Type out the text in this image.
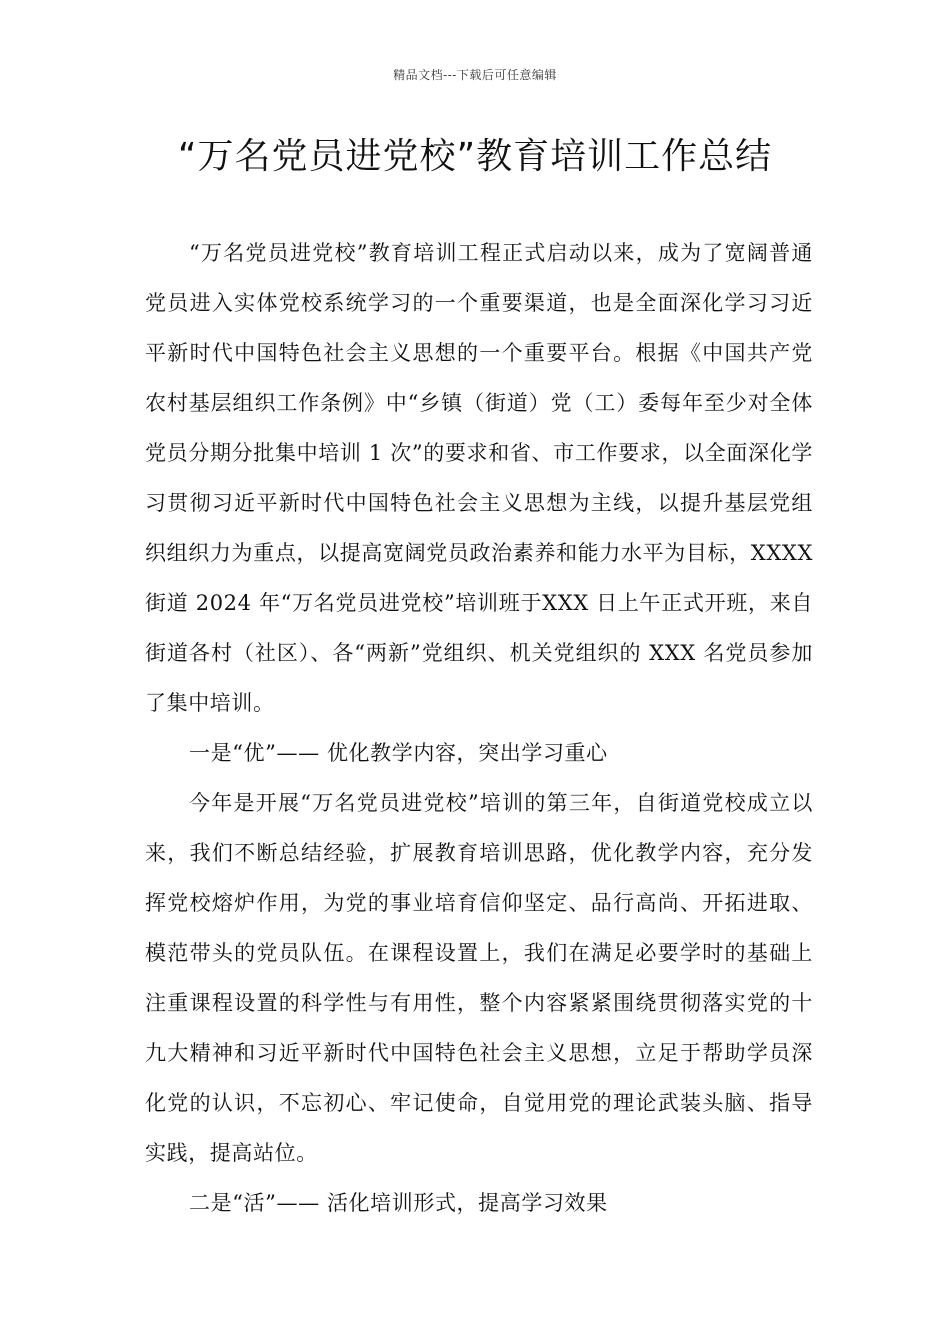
精品文档---下载后可任意编辑
“万名党员进党校”教育培训工作总结

“万名党员进党校”教育培训工程正式启动以来，成为了宽阔普通党员进入实体党校系统学习的一个重要渠道，也是全面深化学习习近平新时代中国特色社会主义思想的一个重要平台。根据《中国共产党农村基层组织工作条例》中“乡镇（街道）党（工）委每年至少对全体党员分期分批集中培训 1 次”的要求和省、市工作要求，以全面深化学习贯彻习近平新时代中国特色社会主义思想为主线，以提升基层党组织组织力为重点，以提高宽阔党员政治素养和能力水平为目标，XXXX 街道 2024 年“万名党员进党校”培训班于XXX 日上午正式开班，来自街道各村（社区）、各“两新”党组织、机关党组织的 XXX 名党员参加了集中培训。

一是“优”—— 优化教学内容，突出学习重心

今年是开展“万名党员进党校”培训的第三年，自街道党校成立以来，我们不断总结经验，扩展教育培训思路，优化教学内容，充分发挥党校熔炉作用，为党的事业培育信仰坚定、品行高尚、开拓进取、模范带头的党员队伍。在课程设置上，我们在满足必要学时的基础上注重课程设置的科学性与有用性，整个内容紧紧围绕贯彻落实党的十九大精神和习近平新时代中国特色社会主义思想，立足于帮助学员深化党的认识，不忘初心、牢记使命，自觉用党的理论武装头脑、指导实践，提高站位。

二是“活”—— 活化培训形式，提高学习效果
